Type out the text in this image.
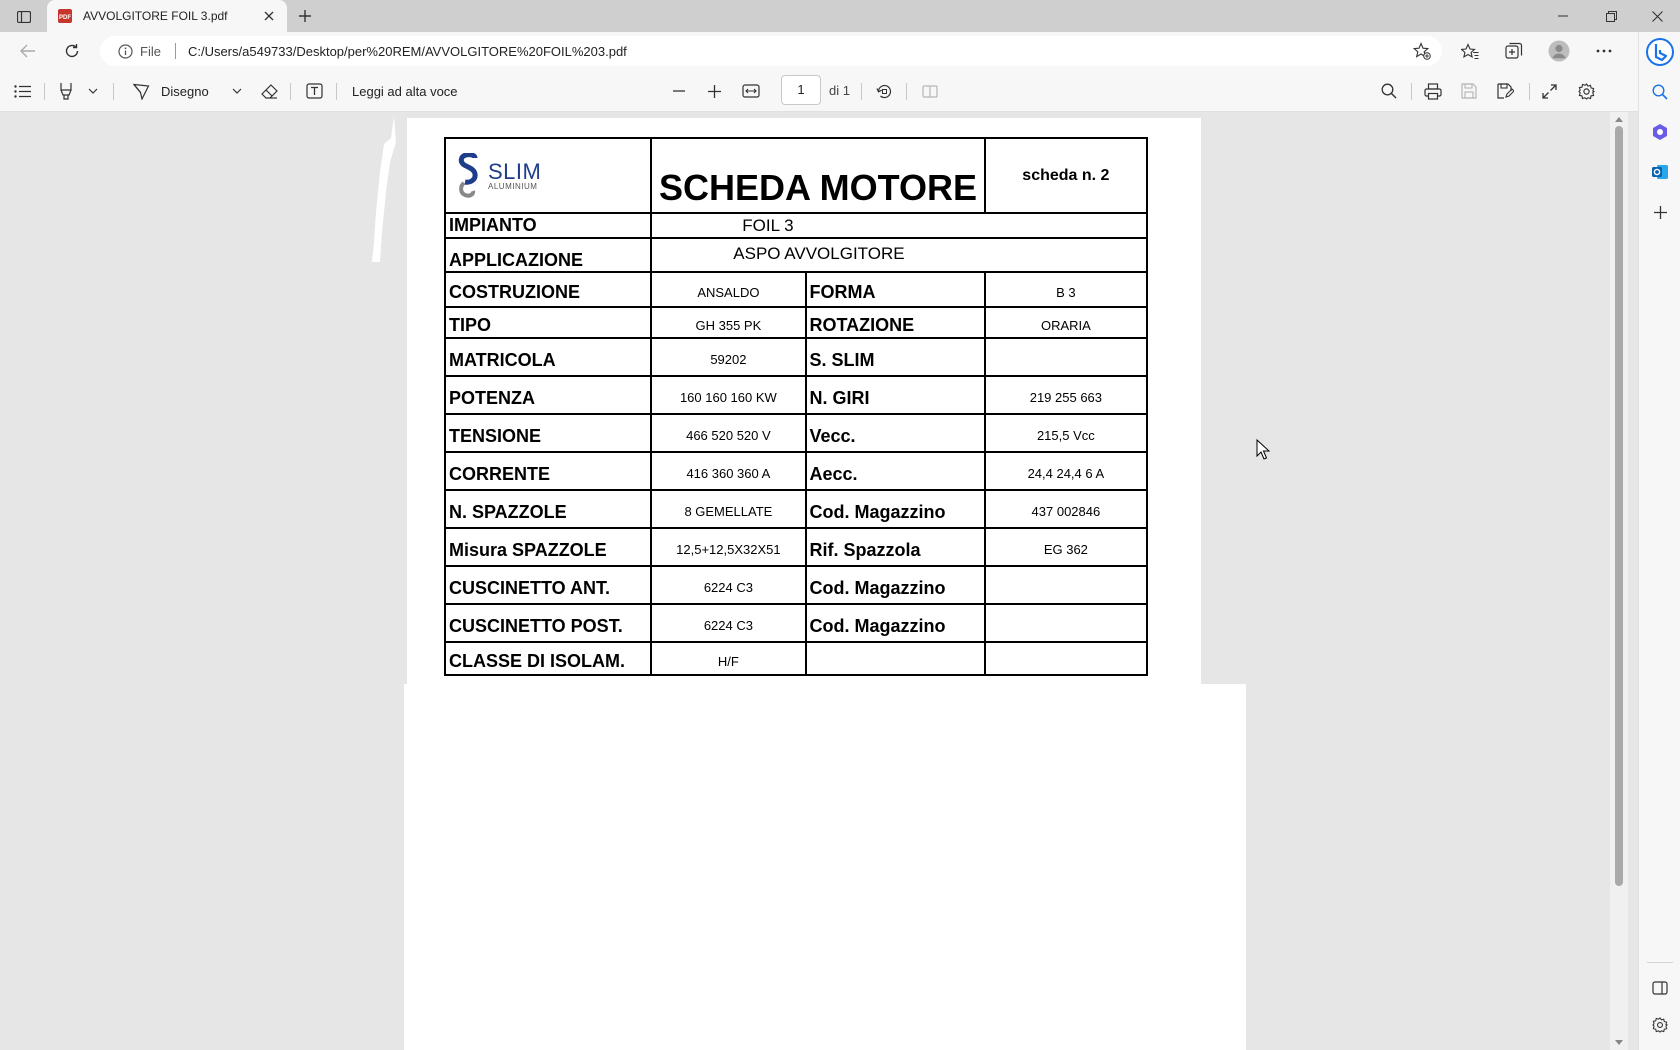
PDF AVVOLGITORE FOIL 3.pdf
File C:/Users/a549733/Desktop/per%20REM/AVVOLGITORE%20FOIL%203.pdf
Disegno	Leggi ad alta voce	1	di 1
SLIM
ALUMINIUM	SCHEDA MOTORE		scheda n. 2
IMPIANTO	FOIL 3		
APPLICAZIONE	ASPO AVVOLGITORE		
COSTRUZIONE	ANSALDO	FORMA	B 3
TIPO	GH 355 PK	ROTAZIONE	ORARIA
MATRICOLA	59202	S. SLIM	
POTENZA	160 160 160 KW	N. GIRI	219 255 663
TENSIONE	466 520 520 V	Vecc.	215,5 Vcc
CORRENTE	416 360 360 A	Aecc.	24,4 24,4 6 A
N. SPAZZOLE	8 GEMELLATE	Cod. Magazzino	437 002846
Misura SPAZZOLE	12,5+12,5X32X51	Rif. Spazzola	EG 362
CUSCINETTO ANT.	6224 C3	Cod. Magazzino	
CUSCINETTO POST.	6224 C3	Cod. Magazzino	
CLASSE DI ISOLAM.	H/F		
